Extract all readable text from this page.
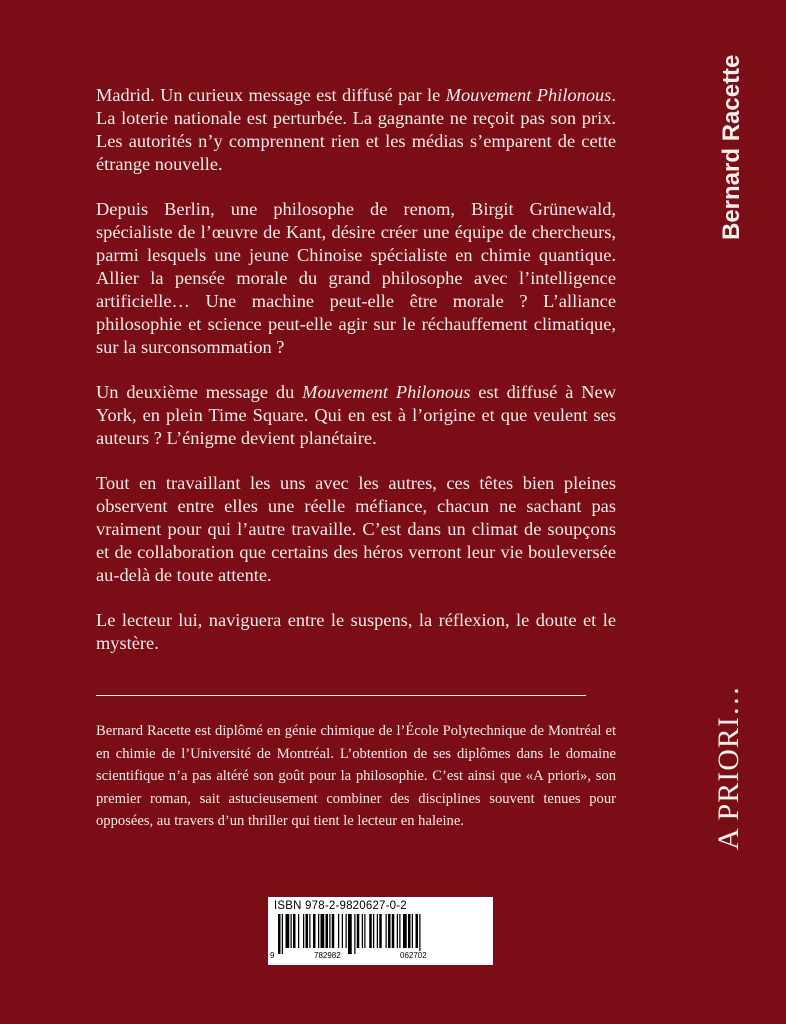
Madrid. Un curieux message est diffusé par le Mouvement Philonous. La loterie nationale est perturbée. La gagnante ne reçoit pas son prix. Les autorités n’y comprennent rien et les médias s’emparent de cette étrange nouvelle.

Depuis Berlin, une philosophe de renom, Birgit Grünewald, spécialiste de l’œuvre de Kant, désire créer une équipe de chercheurs, parmi lesquels une jeune Chinoise spécialiste en chimie quantique. Allier la pensée morale du grand philosophe avec l’intelligence artificielle… Une machine peut-elle être morale ? L’alliance philosophie et science peut-elle agir sur le réchauffement climatique, sur la surconsommation ?

Un deuxième message du Mouvement Philonous est diffusé à New York, en plein Time Square. Qui en est à l’origine et que veulent ses auteurs ? L’énigme devient planétaire.

Tout en travaillant les uns avec les autres, ces têtes bien pleines observent entre elles une réelle méfiance, chacun ne sachant pas vraiment pour qui l’autre travaille. C’est dans un climat de soupçons et de collaboration que certains des héros verront leur vie bouleversée au-delà de toute attente.

Le lecteur lui, naviguera entre le suspens, la réflexion, le doute et le mystère.

Bernard Racette est diplômé en génie chimique de l’École Polytechnique de Montréal et en chimie de l’Université de Montréal. L’obtention de ses diplômes dans le domaine scientifique n’a pas altéré son goût pour la philosophie. C’est ainsi que «A priori», son premier roman, sait astucieusement combiner des disciplines souvent tenues pour opposées, au travers d’un thriller qui tient le lecteur en haleine.

Bernard Racette
A PRIORI…
ISBN 978-2-9820627-0-2
9	782982	062702
